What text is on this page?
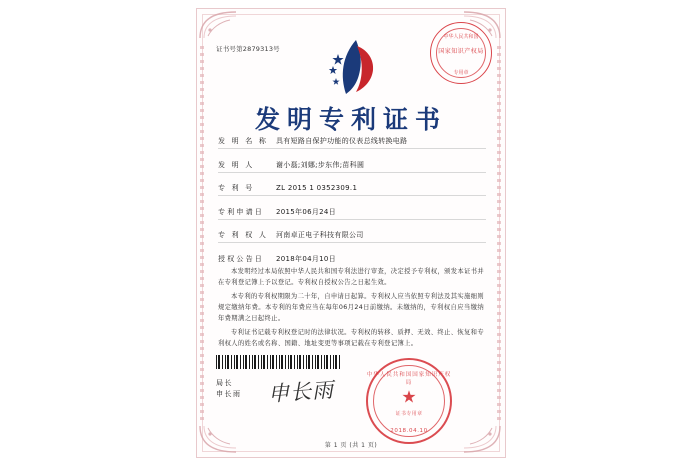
证书号第2879313号
中华人民共和国
国家知识产权局
专用章
发明专利证书
发 明 名 称	具有短路自保护功能的仪表总线转换电路
发 明 人	谢小磊;刘娜;步东伟;苗科圆
专 利 号	ZL 2015 1 0352309.1
专利申请日	2015年06月24日
专 利 权 人	河南卓正电子科技有限公司
授权公告日	2018年04月10日

本发明经过本局依照中华人民共和国专利法进行审查，决定授予专利权，颁发本证书并在专利登记簿上予以登记。专利权自授权公告之日起生效。

本专利的专利权期限为二十年，自申请日起算。专利权人应当依照专利法及其实施细则规定缴纳年费。本专利的年费应当在每年06月24日前缴纳。未缴纳的，专利权自应当缴纳年费期满之日起终止。

专利证书记载专利权登记时的法律状况。专利权的转移、质押、无效、终止、恢复和专利权人的姓名或名称、国籍、地址变更等事项记载在专利登记簿上。

局长
申长雨 申长雨
中华人民共和国国家知识产权局
★
证书专用章
2018.04.10
第 1 页 (共 1 页)
